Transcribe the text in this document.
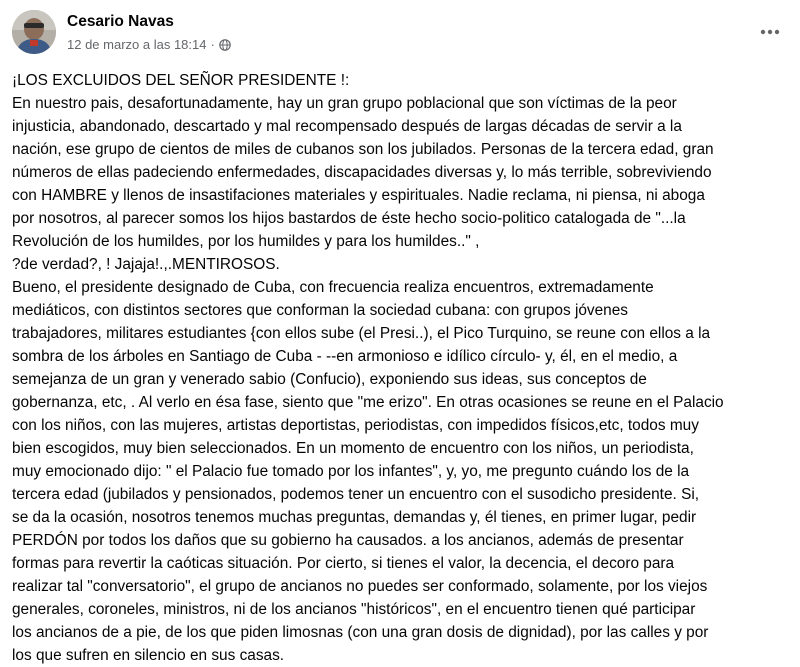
Cesario Navas
12 de marzo a las 18:14 ·

¡LOS EXCLUIDOS DEL SEÑOR PRESIDENTE !:

En nuestro pais, desafortunadamente, hay un gran grupo poblacional que son víctimas de la peor

injusticia, abandonado, descartado y mal recompensado después de largas décadas de servir a la

nación, ese grupo de cientos de miles de cubanos son los jubilados. Personas de la tercera edad, gran

números de ellas padeciendo enfermedades, discapacidades diversas y, lo más terrible, sobreviviendo

con HAMBRE y llenos de insastifaciones materiales y espirituales. Nadie reclama, ni piensa, ni aboga

por nosotros, al parecer somos los hijos bastardos de éste hecho socio-politico catalogada de "...la

Revolución de los humildes, por los humildes y para los humildes.." ,

?de verdad?, ! Jajaja!.,.MENTIROSOS.

Bueno, el presidente designado de Cuba, con frecuencia realiza encuentros, extremadamente

mediáticos, con distintos sectores que conforman la sociedad cubana: con grupos jóvenes

trabajadores, militares estudiantes {con ellos sube (el Presi..), el Pico Turquino, se reune con ellos a la

sombra de los árboles en Santiago de Cuba - --en armonioso e idílico círculo- y, él, en el medio, a

semejanza de un gran y venerado sabio (Confucio), exponiendo sus ideas, sus conceptos de

gobernanza, etc, . Al verlo en ésa fase, siento que "me erizo". En otras ocasiones se reune en el Palacio

con los niños, con las mujeres, artistas deportistas, periodistas, con impedidos físicos,etc, todos muy

bien escogidos, muy bien seleccionados. En un momento de encuentro con los niños, un periodista,

muy emocionado dijo: " el Palacio fue tomado por los infantes", y, yo, me pregunto cuándo los de la

tercera edad (jubilados y pensionados, podemos tener un encuentro con el susodicho presidente. Si,

se da la ocasión, nosotros tenemos muchas preguntas, demandas y, él tienes, en primer lugar, pedir

PERDÓN por todos los daños que su gobierno ha causados. a los ancianos, además de presentar

formas para revertir la caóticas situación. Por cierto, si tienes el valor, la decencia, el decoro para

realizar tal "conversatorio", el grupo de ancianos no puedes ser conformado, solamente, por los viejos

generales, coroneles, ministros, ni de los ancianos "históricos", en el encuentro tienen qué participar

los ancianos de a pie, de los que piden limosnas (con una gran dosis de dignidad), por las calles y por

los que sufren en silencio en sus casas.
